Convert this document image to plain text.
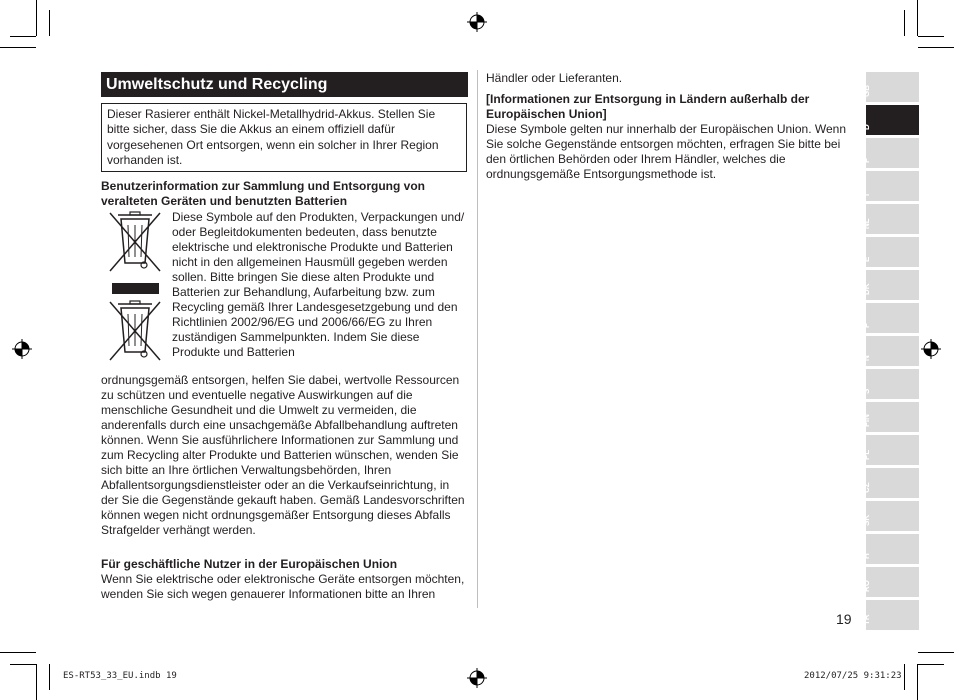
Umweltschutz und Recycling
Dieser Rasierer enthält Nickel-Metallhydrid-Akkus. Stellen Sie bitte sicher, dass Sie die Akkus an einem offiziell dafür vorgesehenen Ort entsorgen, wenn ein solcher in Ihrer Region vorhanden ist.
Benutzerinformation zur Sammlung und Entsorgung von veralteten Geräten und benutzten Batterien
Diese Symbole auf den Produkten, Verpackungen und/ oder Begleitdokumenten bedeuten, dass benutzte elektrische und elektronische Produkte und Batterien nicht in den allgemeinen Hausmüll gegeben werden sollen. Bitte bringen Sie diese alten Produkte und Batterien zur Behandlung, Aufarbeitung bzw. zum Recycling gemäß Ihrer Landesgesetzgebung und den Richtlinien 2002/96/EG und 2006/66/EG zu Ihren zuständigen Sammelpunkten. Indem Sie diese Produkte und Batterien
ordnungsgemäß entsorgen, helfen Sie dabei, wertvolle Ressourcen zu schützen und eventuelle negative Auswirkungen auf die menschliche Gesundheit und die Umwelt zu vermeiden, die anderenfalls durch eine unsachgemäße Abfallbehandlung auftreten können. Wenn Sie ausführlichere Informationen zur Sammlung und zum Recycling alter Produkte und Batterien wünschen, wenden Sie sich bitte an Ihre örtlichen Verwaltungsbehörden, Ihren Abfallentsorgungsdienstleister oder an die Verkaufseinrichtung, in der Sie die Gegenstände gekauft haben. Gemäß Landesvorschriften können wegen nicht ordnungsgemäßer Entsorgung dieses Abfalls Strafgelder verhängt werden.
Für geschäftliche Nutzer in der Europäischen Union
Wenn Sie elektrische oder elektronische Geräte entsorgen möchten, wenden Sie sich wegen genauerer Informationen bitte an Ihren
Händler oder Lieferanten.
[Informationen zur Entsorgung in Ländern außerhalb der Europäischen Union]
Diese Symbole gelten nur innerhalb der Europäischen Union. Wenn Sie solche Gegenstände entsorgen möchten, erfragen Sie bitte bei den örtlichen Behörden oder Ihrem Händler, welches die ordnungsgemäße Entsorgungsmethode ist.
GB
D
F
I
NL
E
DK
P
N
S
FIN
PL
CZ
SK
H
RO
TR
19
ES-RT53_33_EU.indb 19	2012/07/25 9:31:23
